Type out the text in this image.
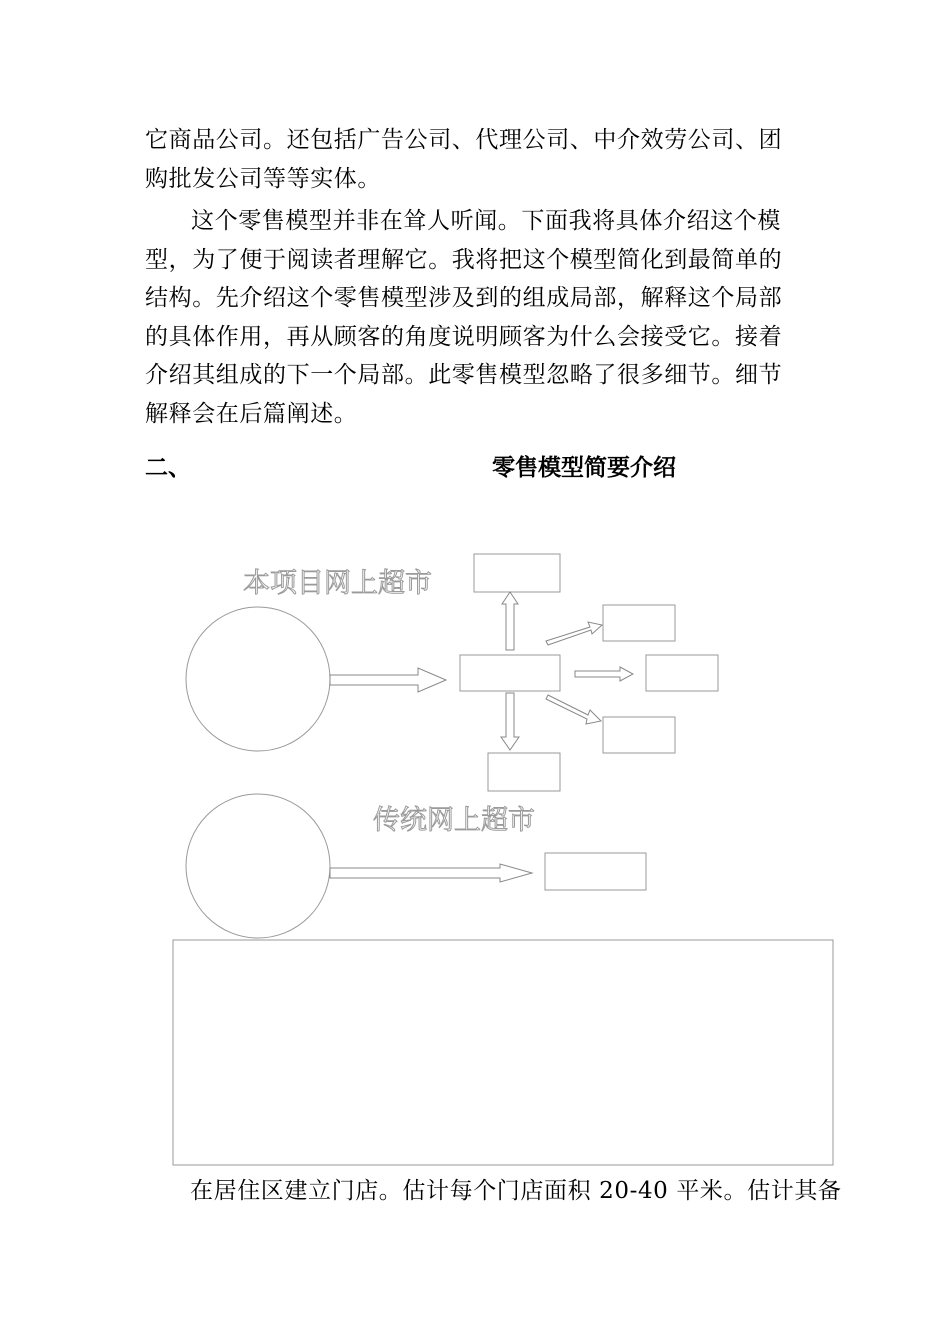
它商品公司。还包括广告公司、代理公司、中介效劳公司、团购批发公司等等实体。

这个零售模型并非在耸人听闻。下面我将具体介绍这个模型，为了便于阅读者理解它。我将把这个模型简化到最简单的结构。先介绍这个零售模型涉及到的组成局部，解释这个局部的具体作用，再从顾客的角度说明顾客为什么会接受它。接着介绍其组成的下一个局部。此零售模型忽略了很多细节。细节解释会在后篇阐述。

二、	零售模型简要介绍
本项目网上超市
传统网上超市

在居住区建立门店。估计每个门店面积 20-40 平米。估计其备
